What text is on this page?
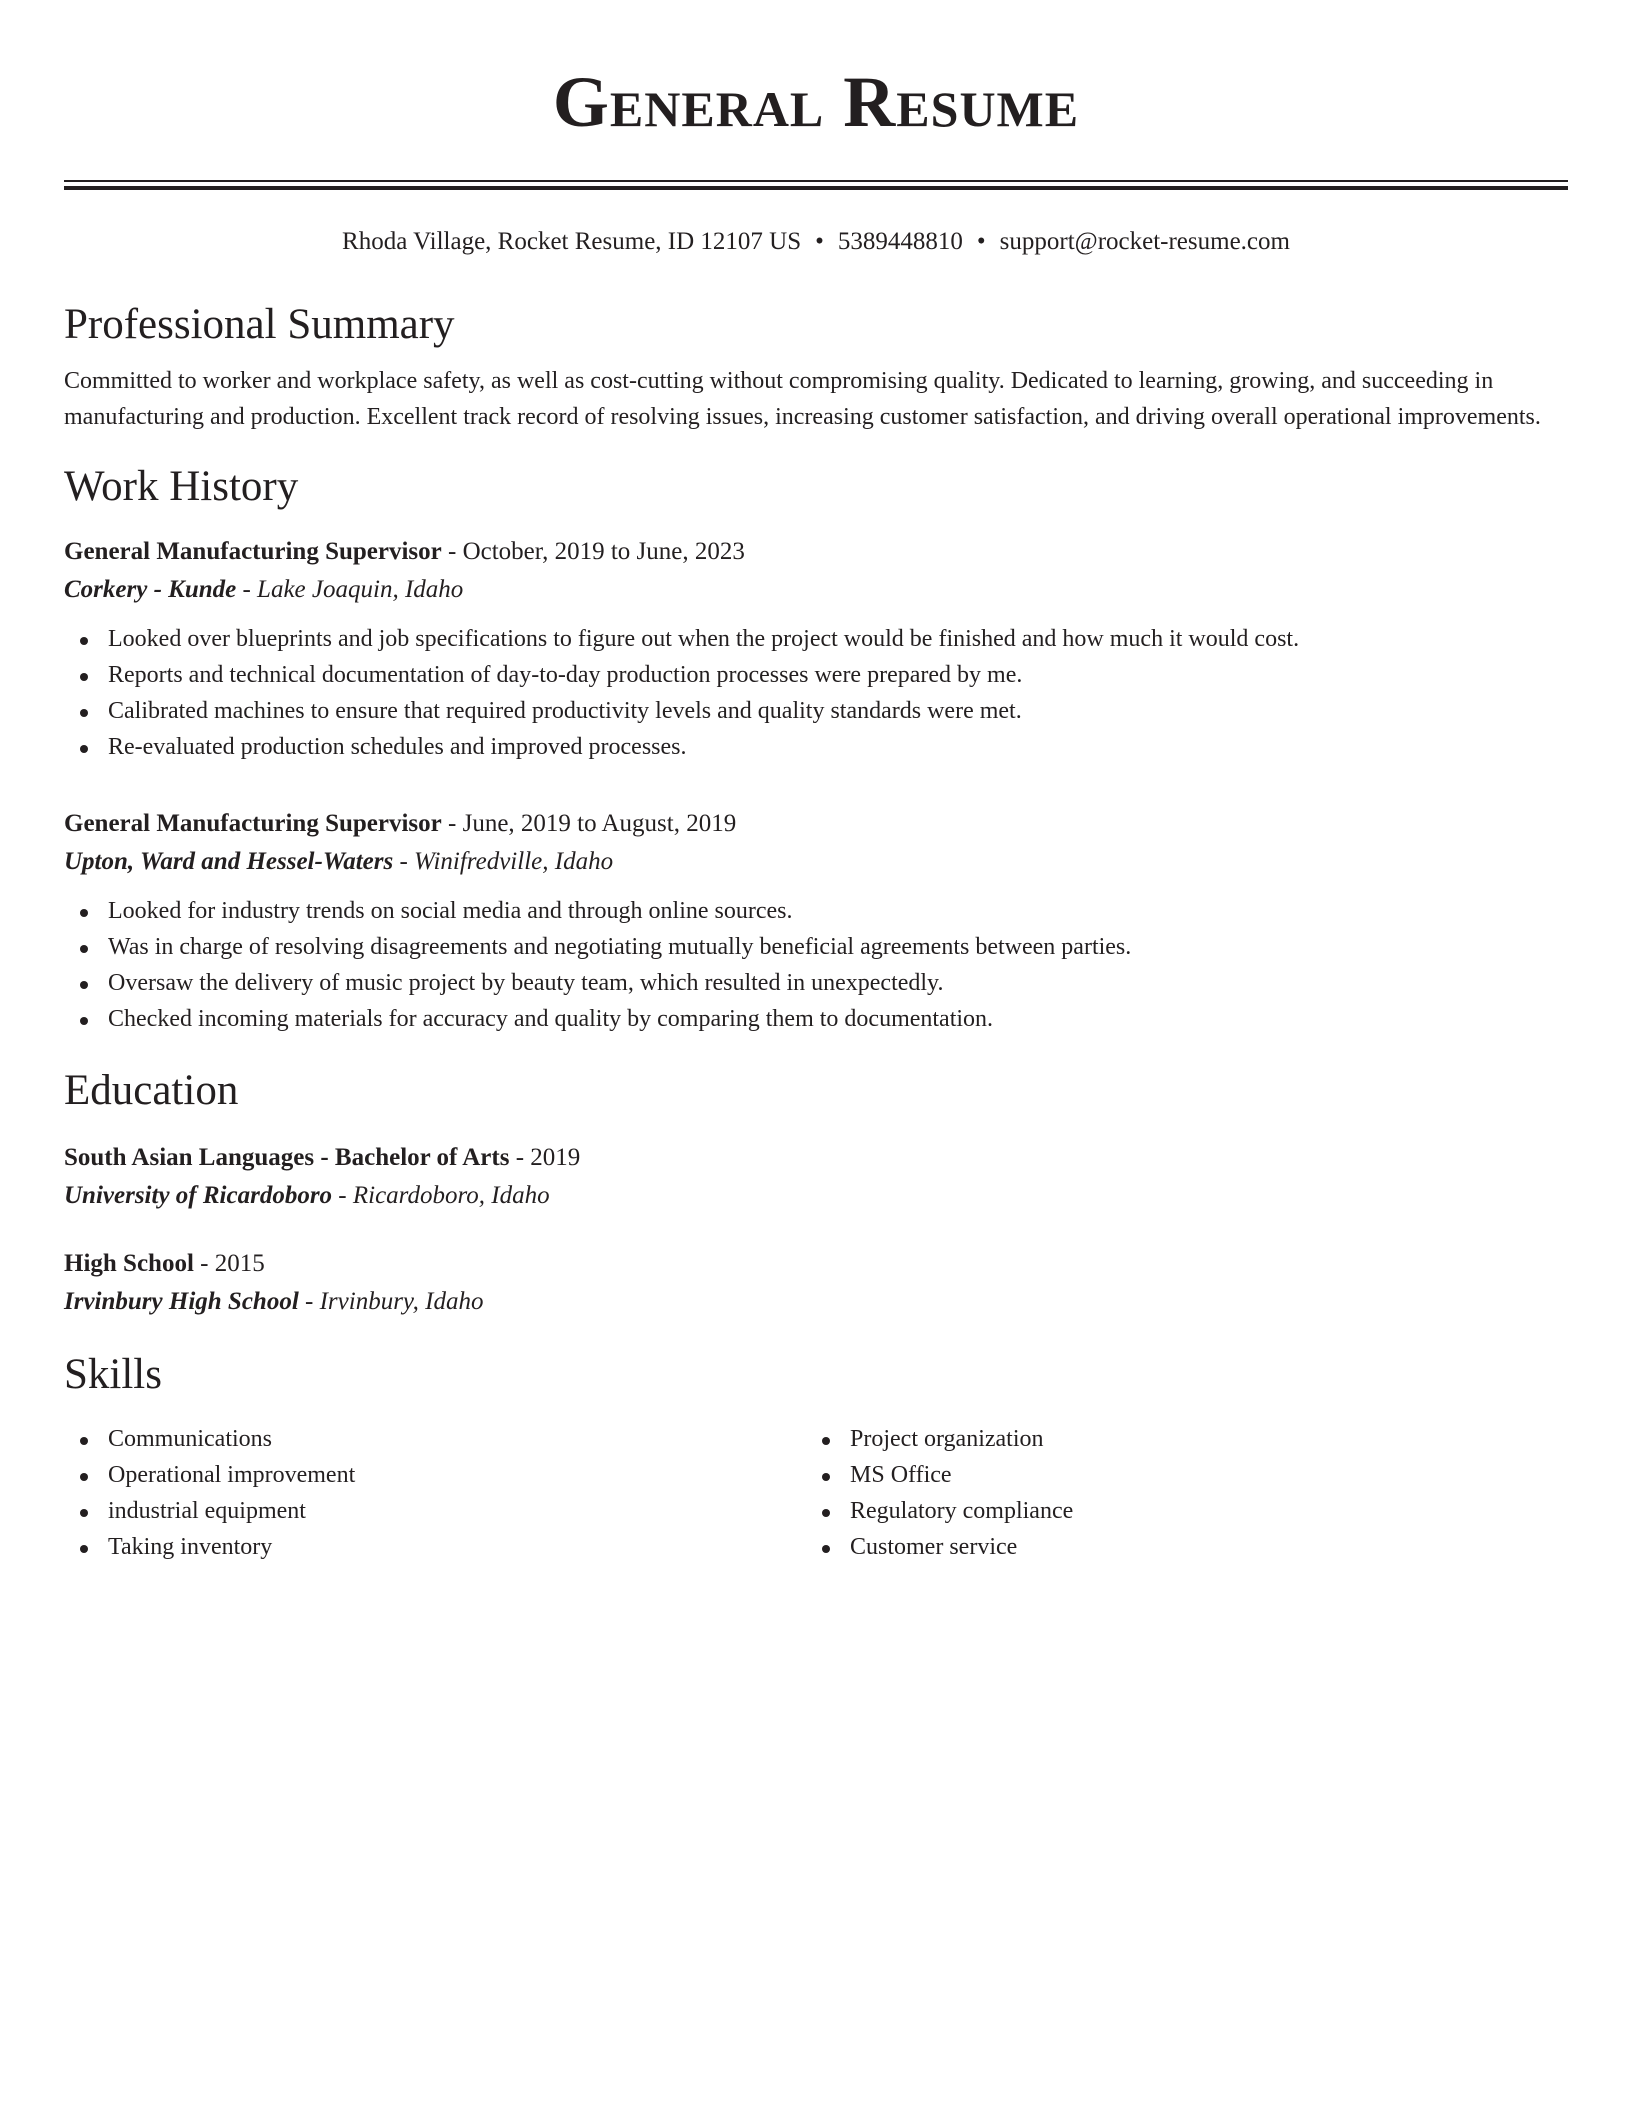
General Resume
Rhoda Village, Rocket Resume, ID 12107 US • 5389448810 • support@rocket-resume.com
Professional Summary

Committed to worker and workplace safety, as well as cost-cutting without compromising quality. Dedicated to learning, growing, and succeeding in manufacturing and production. Excellent track record of resolving issues, increasing customer satisfaction, and driving overall operational improvements.

Work History
General Manufacturing Supervisor - October, 2019 to June, 2023
Corkery - Kunde - Lake Joaquin, Idaho
Looked over blueprints and job specifications to figure out when the project would be finished and how much it would cost.
Reports and technical documentation of day-to-day production processes were prepared by me.
Calibrated machines to ensure that required productivity levels and quality standards were met.
Re-evaluated production schedules and improved processes.
General Manufacturing Supervisor - June, 2019 to August, 2019
Upton, Ward and Hessel-Waters - Winifredville, Idaho
Looked for industry trends on social media and through online sources.
Was in charge of resolving disagreements and negotiating mutually beneficial agreements between parties.
Oversaw the delivery of music project by beauty team, which resulted in unexpectedly.
Checked incoming materials for accuracy and quality by comparing them to documentation.
Education
South Asian Languages - Bachelor of Arts - 2019
University of Ricardoboro - Ricardoboro, Idaho
High School - 2015
Irvinbury High School - Irvinbury, Idaho
Skills
Communications
Operational improvement
industrial equipment
Taking inventory
Project organization
MS Office
Regulatory compliance
Customer service
